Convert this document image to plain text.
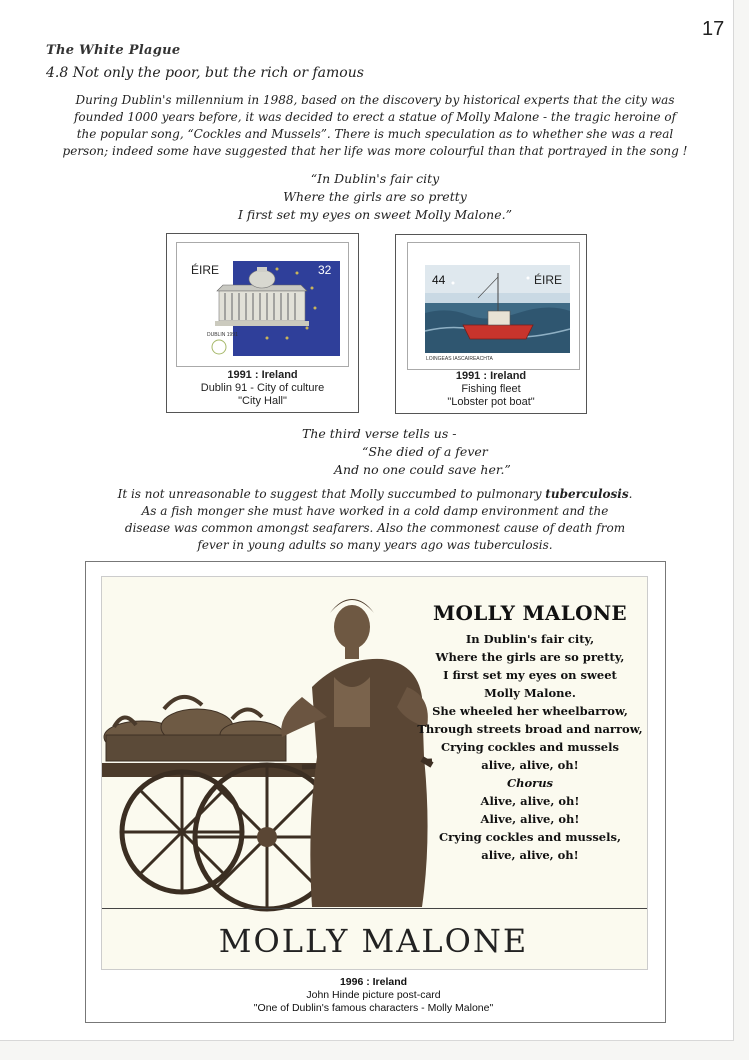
17
The White Plague
4.8 Not only the poor, but the rich or famous

During Dublin's millennium in 1988, based on the discovery by historical experts that the city was

founded 1000 years before, it was decided to erect a statue of Molly Malone - the tragic heroine of

the popular song, “Cockles and Mussels”. There is much speculation as to whether she was a real

person; indeed some have suggested that her life was more colourful than that portrayed in the song !

“In Dublin's fair city
Where the girls are so pretty
I first set my eyes on sweet Molly Malone.”
ÉIRE	32
DUBLIN 1991
1991 : Ireland
Dublin 91 - City of culture
"City Hall"
ÉIRE
44
LOINGEAS IASCAIREACHTA
1991 : Ireland
Fishing fleet
"Lobster pot boat"
The third verse tells us -
“She died of a fever
And no one could save her.”
It is not unreasonable to suggest that Molly succumbed to pulmonary tuberculosis.
As a fish monger she must have worked in a cold damp environment and the
disease was common amongst seafarers. Also the commonest cause of death from
fever in young adults so many years ago was tuberculosis.
MOLLY MALONE
In Dublin's fair city,
Where the girls are so pretty,
I first set my eyes on sweet
Molly Malone.
She wheeled her wheelbarrow,
Through streets broad and narrow,
Crying cockles and mussels
alive, alive, oh!
Chorus
Alive, alive, oh!
Alive, alive, oh!
Crying cockles and mussels,
alive, alive, oh!
MOLLY MALONE
1996 : Ireland
John Hinde picture post-card
"One of Dublin's famous characters - Molly Malone"
